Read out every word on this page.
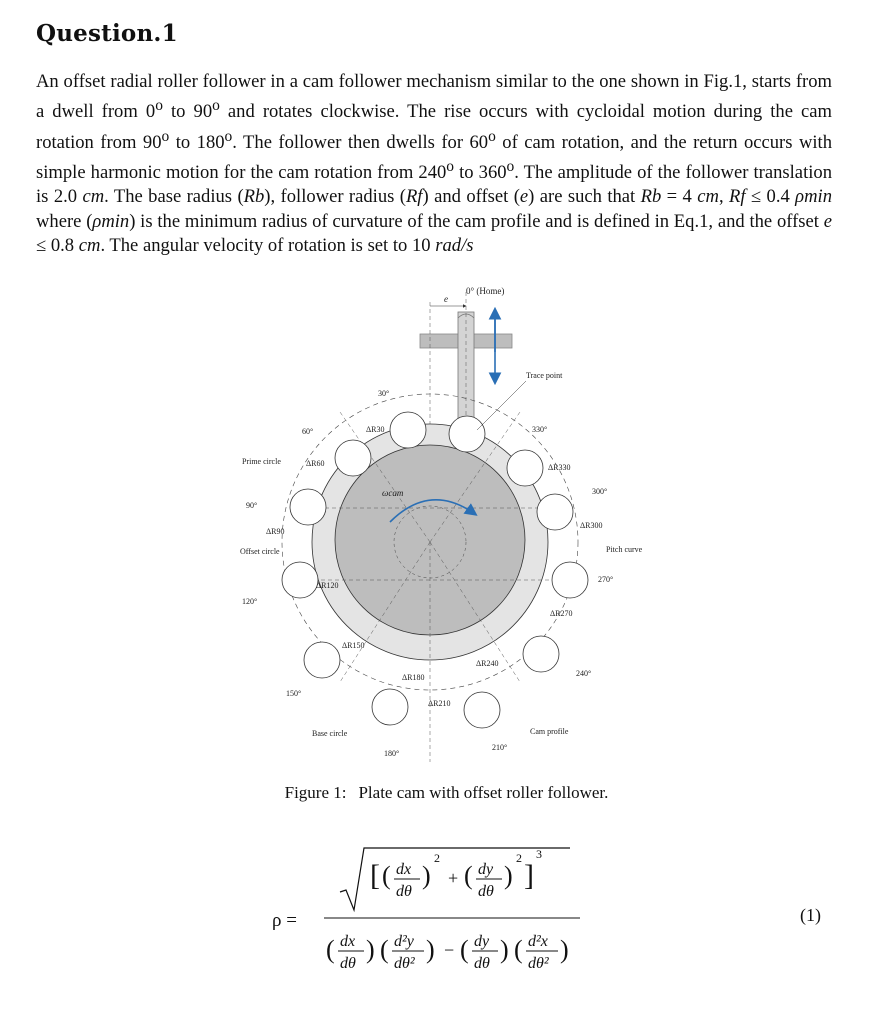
Question.1

An offset radial roller follower in a cam follower mechanism similar to the one shown in Fig.1, starts from a dwell from 0$^o$ to 90$^o$ and rotates clockwise. The rise occurs with cycloidal motion during the cam rotation from 90$^o$ to 180$^o$. The follower then dwells for 60$^o$ of cam rotation, and the return occurs with simple harmonic motion for the cam rotation from 240$^o$ to 360$^o$. The amplitude of the follower translation is 2.0 cm. The base radius (Rb), follower radius (Rf) and offset (e) are such that Rb = 4 cm, Rf ≤ 0.4 ρmin where (ρmin) is the minimum radius of curvature of the cam profile and is defined in Eq.1, and the offset e ≤ 0.8 cm. The angular velocity of rotation is set to 10 rad/s

e
0° (Home)
ωcam
Trace point
Prime circle
Offset circle	Pitch curve
Cam profile
Base circle
30°
60°
90°
120°
150°
180°
210°
240°
270°
300°
330°
ΔR30
ΔR60
ΔR90
ΔR120
ΔR150
ΔR180
ΔR210
ΔR240
ΔR270
ΔR300
ΔR330
Figure 1: Plate cam with offset roller follower.
ρ =
[ ( dx
dθ
)
2
+ ( dy
dθ
)
2
]
3
( dx
dθ ) ( d²y
dθ² ) − ( dy
dθ ) ( d²x
dθ² )
(1)
